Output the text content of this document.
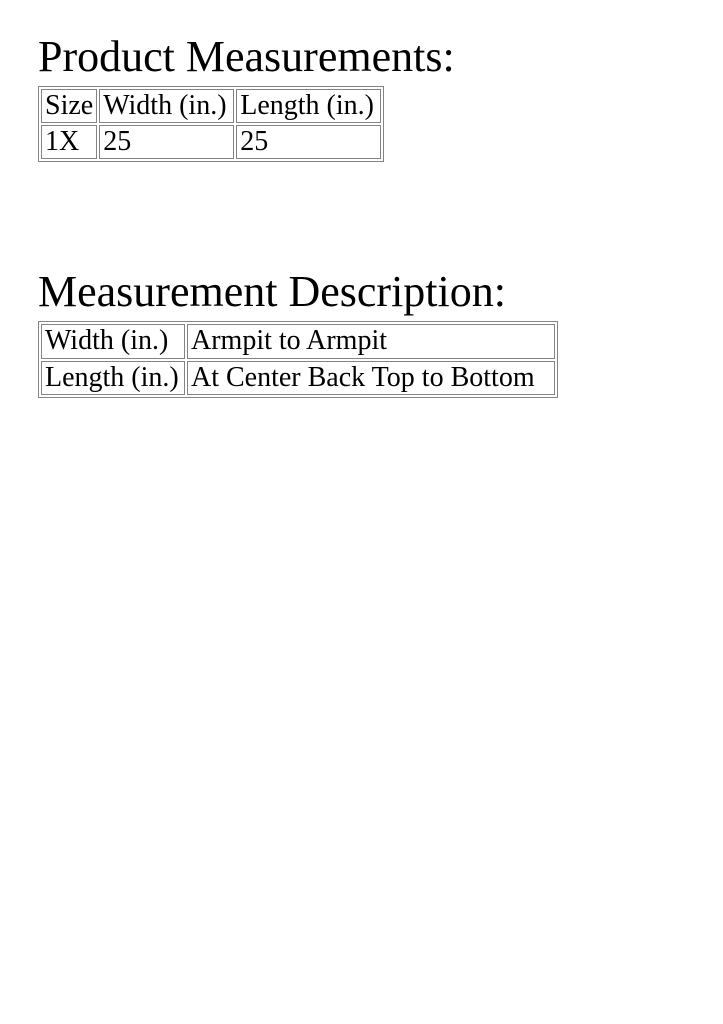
Product Measurements:
Size	Width (in.)	Length (in.)
1X	25	25
Measurement Description:
Width (in.)	Armpit to Armpit
Length (in.)	At Center Back Top to Bottom
